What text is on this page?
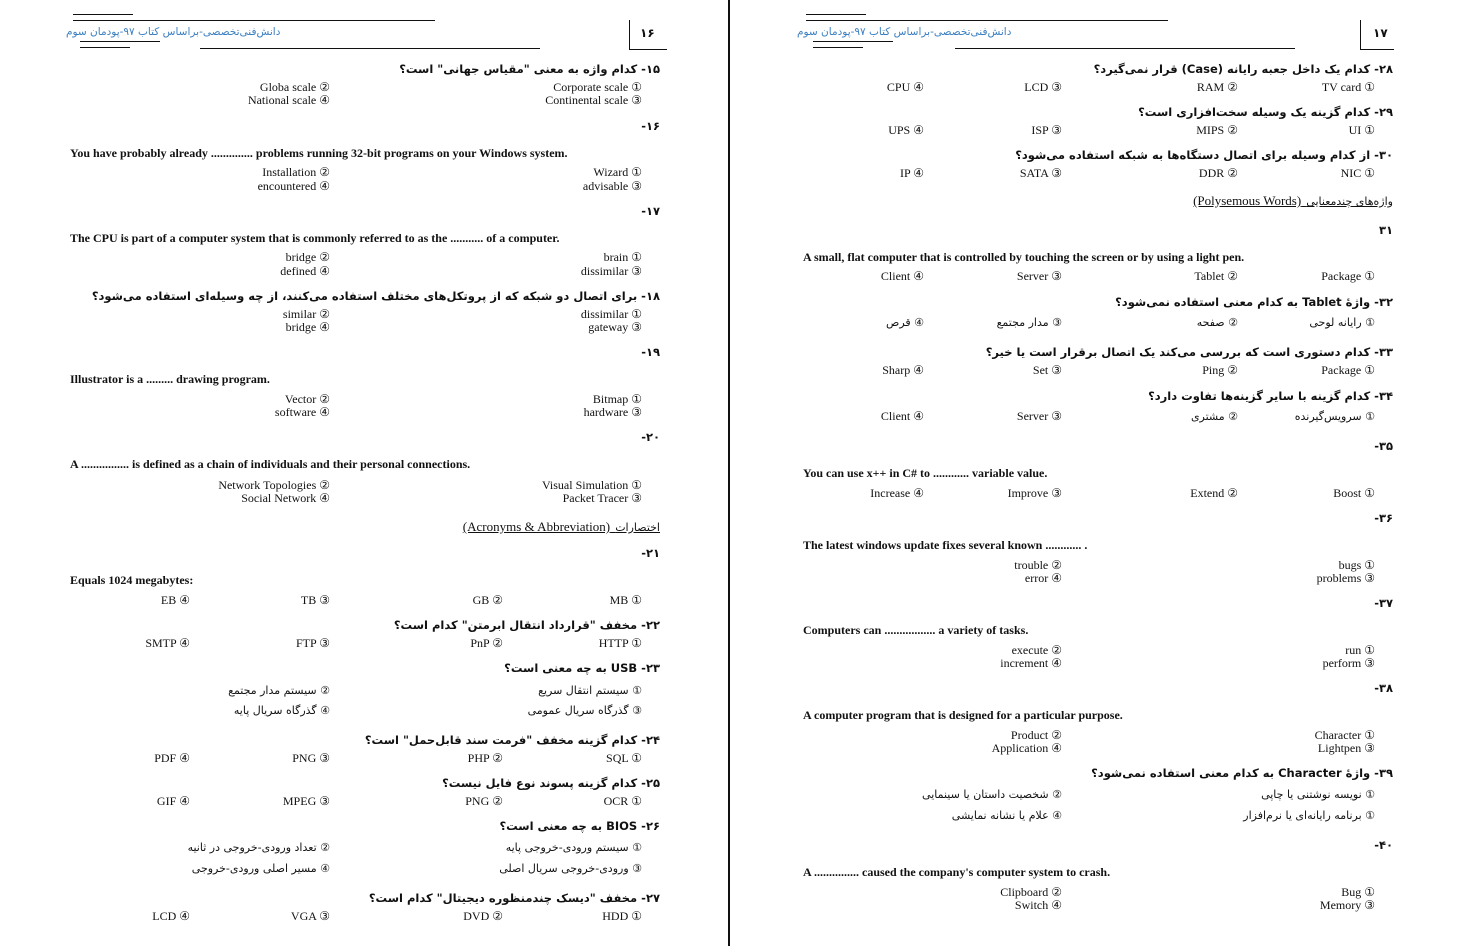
دانش‌فنی‌تخصصی-براساس کتاب ۹۷-پودمان سوم	۱۶
۱۵- کدام واژه به معنی "مقیاس جهانی" است؟
Corporate scale ①
Globa scale ②
Continental scale ③
National scale ④
-۱۶
You have probably already .............. problems running 32-bit programs on your Windows system.
Wizard ①
Installation ②
advisable ③
encountered ④
-۱۷
The CPU is part of a computer system that is commonly referred to as the ........... of a computer.
brain ①
bridge ②
dissimilar ③
defined ④
۱۸- برای اتصال دو شبکه که از پروتکل‌های مختلف استفاده می‌کنند، از چه وسیله‌ای استفاده می‌شود؟
dissimilar ①
similar ②
gateway ③
bridge ④
-۱۹
Illustrator is a ......... drawing program.
Bitmap ①
Vector ②
hardware ③
software ④
-۲۰
A ................ is defined as a chain of individuals and their personal connections.
Visual Simulation ①
Network Topologies ②
Packet Tracer ③
Social Network ④
(Acronyms & Abbreviation) اختصارات
-۲۱
Equals 1024 megabytes:
MB ①
GB ②
TB ③
EB ④
۲۲- مخفف "قرارداد انتقال ابرمتن" کدام است؟
HTTP ①
PnP ②
FTP ③
SMTP ④
۲۳- USB به چه معنی است؟
① سیستم انتقال سریع
② سیستم مدار مجتمع
③ گذرگاه سریال عمومی
④ گذرگاه سریال پایه
۲۴- کدام گزینه مخفف "فرمت سند قابل‌حمل" است؟
SQL ①
PHP ②
PNG ③
PDF ④
۲۵- کدام گزینه پسوند نوع فایل نیست؟
OCR ①
PNG ②
MPEG ③
GIF ④
۲۶- BIOS به چه معنی است؟
① سیستم ورودی-خروجی پایه
② تعداد ورودی-خروجی در ثانیه
③ ورودی-خروجی سریال اصلی
④ مسیر اصلی ورودی-خروجی
۲۷- مخفف "دیسک چندمنظوره دیجیتال" کدام است؟
HDD ①
DVD ②
VGA ③
LCD ④
دانش‌فنی‌تخصصی-براساس کتاب ۹۷-پودمان سوم	۱۷
۲۸- کدام یک داخل جعبه رایانه (Case) قرار نمی‌گیرد؟
TV card ①
RAM ②
LCD ③
CPU ④
۲۹- کدام گزینه یک وسیله سخت‌افزاری است؟
UI ①
MIPS ②
ISP ③
UPS ④
۳۰- از کدام وسیله برای اتصال دستگاه‌ها به شبکه استفاده می‌شود؟
NIC ①
DDR ②
SATA ③
IP ④
(Polysemous Words) واژه‌های چندمعنایی
۳۱
A small, flat computer that is controlled by touching the screen or by using a light pen.
Package ①
Tablet ②
Server ③
Client ④
۳۲- واژهٔ Tablet به کدام معنی استفاده نمی‌شود؟
① رایانه لوحی
② صفحه
③ مدار مجتمع
④ قرص
۳۳- کدام دستوری است که بررسی می‌کند یک اتصال برقرار است یا خیر؟
Package ①
Ping ②
Set ③
Sharp ④
۳۴- کدام گزینه با سایر گزینه‌ها تفاوت دارد؟
① سرویس‌گیرنده
② مشتری
Server ③
Client ④
-۳۵
You can use x++ in C# to ............ variable value.
Boost ①
Extend ②
Improve ③
Increase ④
-۳۶
The latest windows update fixes several known ............ .
bugs ①
trouble ②
problems ③
error ④
-۳۷
Computers can ................. a variety of tasks.
run ①
execute ②
perform ③
increment ④
-۳۸
A computer program that is designed for a particular purpose.
Character ①
Product ②
Lightpen ③
Application ④
۳۹- واژهٔ Character به کدام معنی استفاده نمی‌شود؟
① نویسه نوشتنی یا چاپی
② شخصیت داستان یا سینمایی
① برنامه رایانه‌ای یا نرم‌افزار
④ علام یا نشانه نمایشی
-۴۰
A ............... caused the company's computer system to crash.
Bug ①
Clipboard ②
Memory ③
Switch ④
